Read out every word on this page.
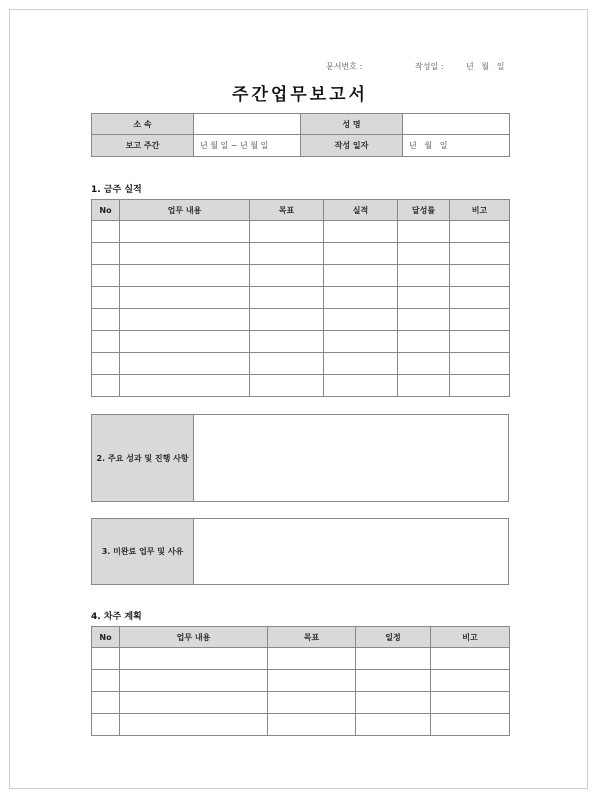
문서번호 :	작성일 :	년   월   일
주간업무보고서
소 속		성 명	
보고 주간	년 월 일 ~ 년 월 일	작성 일자	년   월   일
1. 금주 실적
No	업무 내용	목표	실적	달성률	비고

2. 주요 성과 및 진행 사항
3. 미완료 업무 및 사유
4. 차주 계획
No	업무 내용	목표	일정	비고
